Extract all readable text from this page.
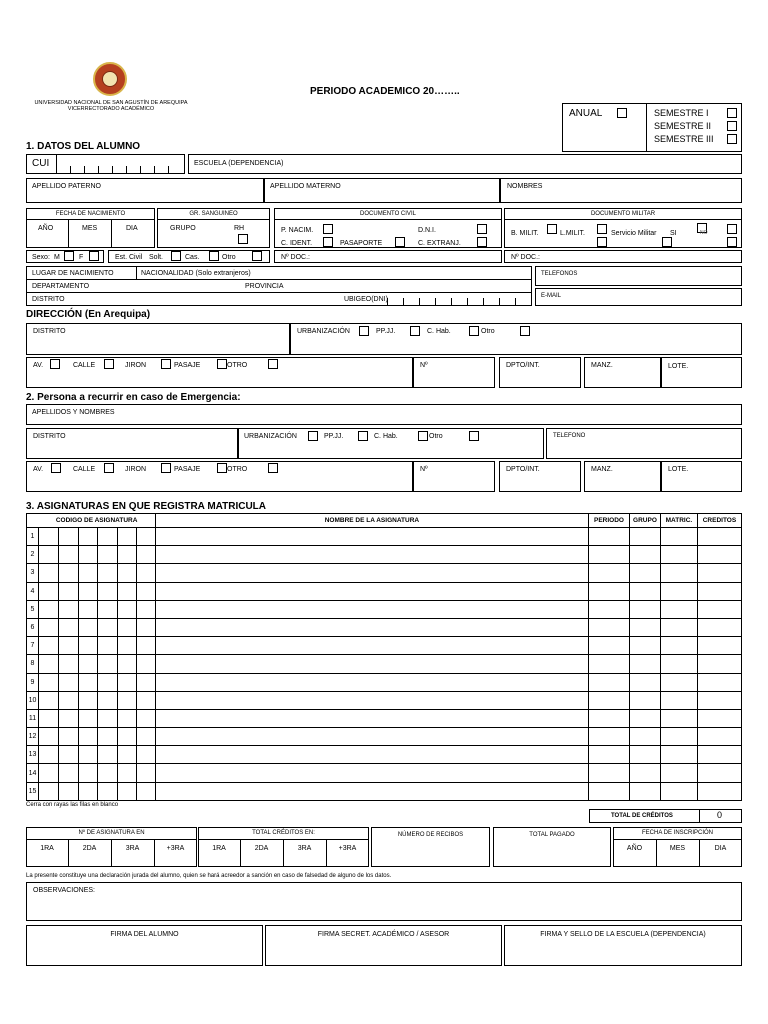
UNIVERSIDAD NACIONAL DE SAN AGUSTÍN DE AREQUIPA
VICERRECTORADO ACADÉMICO
PERIODO ACADEMICO 20……..
ANUAL	SEMESTRE I
SEMESTRE II
SEMESTRE III
1. DATOS DEL ALUMNO
CUI	ESCUELA (DEPENDENCIA)
APELLIDO PATERNO	APELLIDO MATERNO	NOMBRES
FECHA DE NACIMIENTO
AÑO	MES	DIA
GR. SANGUINEO
GRUPO	RH
DOCUMENTO CIVIL
P. NACIM.	D.N.I.
C. IDENT.	PASAPORTE	C. EXTRANJ.
DOCUMENTO MILITAR
B. MILIT.	L.MILIT.	Servicio Militar SI	NO
Sexo: M	F	Est. Civil Solt.	Cas.	Otro	Nº DOC.:	Nº DOC.:
LUGAR DE NACIMIENTO	NACIONALIDAD (Solo extranjeros)
DEPARTAMENTO	PROVINCIA
DISTRITO	UBIGEO(DNI)
TELEFONOS
E-MAIL
DIRECCIÓN (En Arequipa)
DISTRITO	URBANIZACIÓN	PP.JJ.	C. Hab.	Otro
AV.	CALLE	JIRON	PASAJE	OTRO	Nº	DPTO/INT.	MANZ.	LOTE.
2. Persona a recurrir en caso de Emergencia:
APELLIDOS Y NOMBRES
DISTRITO	URBANIZACIÓN	PP.JJ.	C. Hab.	Otro	TELEFONO
AV.	CALLE	JIRON	PASAJE	OTRO	Nº	DPTO/INT.	MANZ.	LOTE.
3. ASIGNATURAS EN QUE REGISTRA MATRICULA
	CODIGO DE ASIGNATURA						NOMBRE DE LA ASIGNATURA	PERIODO	GRUPO	MATRIC.	CREDITOS
1											
2											
3											
4											
5											
6											
7											
8											
9											
10											
11											
12											
13											
14											
15											
Cerra con rayas las filas en blanco
TOTAL DE CRÉDITOS	0
Nº DE ASIGNATURA EN
1RA	2DA	3RA	+3RA
TOTAL CRÉDITOS EN:
1RA	2DA	3RA	+3RA
NÚMERO DE RECIBOS	TOTAL PAGADO	FECHA DE INSCRIPCIÓN
AÑO	MES	DIA
La presente constituye una declaración jurada del alumno, quien se hará acreedor a sanción en caso de falsedad de alguno de los datos.
OBSERVACIONES:
FIRMA DEL ALUMNO	FIRMA SECRET. ACADÉMICO / ASESOR	FIRMA Y SELLO DE LA ESCUELA (DEPENDENCIA)
